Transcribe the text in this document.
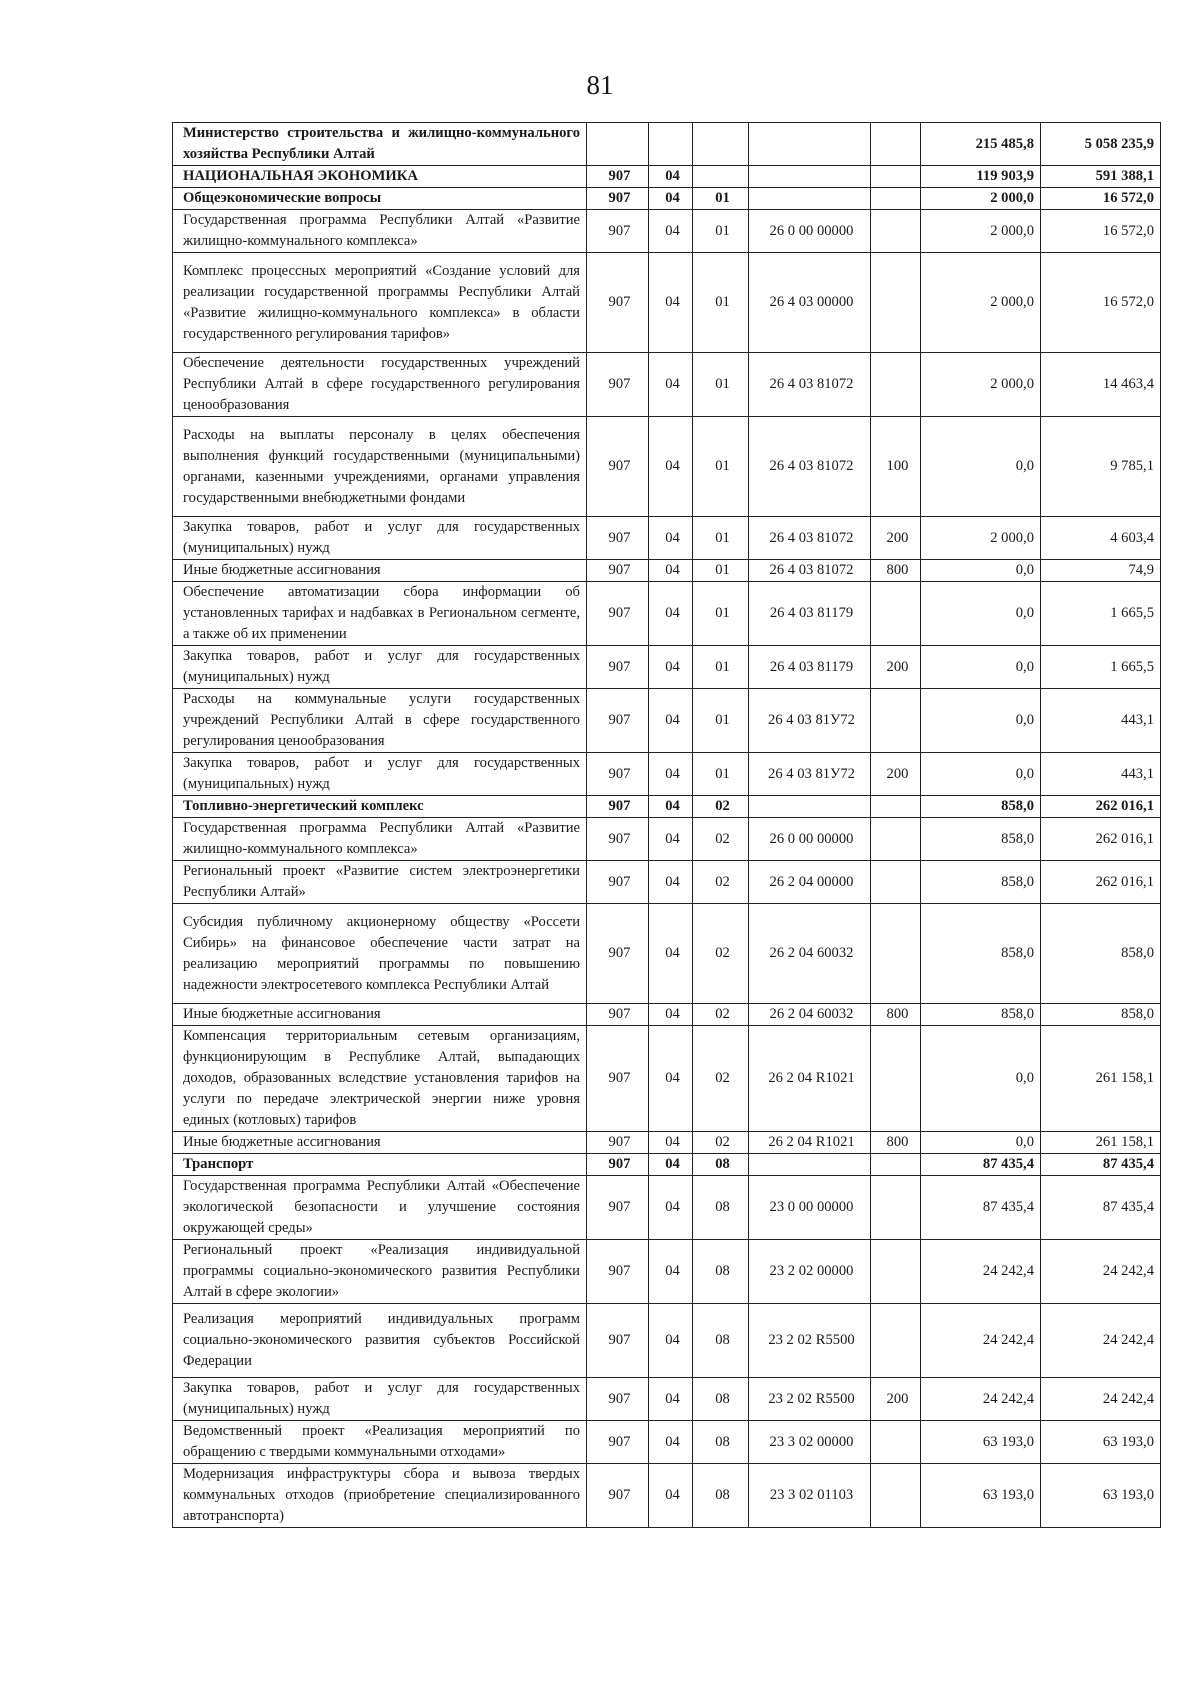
81
Министерство строительства и жилищно-коммунального хозяйства Республики Алтай						215 485,8	5 058 235,9
НАЦИОНАЛЬНАЯ ЭКОНОМИКА	907	04				119 903,9	591 388,1
Общеэкономические вопросы	907	04	01			2 000,0	16 572,0
Государственная программа Республики Алтай «Развитие жилищно-коммунального комплекса»	907	04	01	26 0 00 00000		2 000,0	16 572,0
Комплекс процессных мероприятий «Создание условий для реализации государственной программы Республики Алтай «Развитие жилищно-коммунального комплекса» в области государственного регулирования тарифов»	907	04	01	26 4 03 00000		2 000,0	16 572,0
Обеспечение деятельности государственных учреждений Республики Алтай в сфере государственного регулирования ценообразования	907	04	01	26 4 03 81072		2 000,0	14 463,4
Расходы на выплаты персоналу в целях обеспечения выполнения функций государственными (муниципальными) органами, казенными учреждениями, органами управления государственными внебюджетными фондами	907	04	01	26 4 03 81072	100	0,0	9 785,1
Закупка товаров, работ и услуг для государственных (муниципальных) нужд	907	04	01	26 4 03 81072	200	2 000,0	4 603,4
Иные бюджетные ассигнования	907	04	01	26 4 03 81072	800	0,0	74,9
Обеспечение автоматизации сбора информации об установленных тарифах и надбавках в Региональном сегменте, а также об их применении	907	04	01	26 4 03 81179		0,0	1 665,5
Закупка товаров, работ и услуг для государственных (муниципальных) нужд	907	04	01	26 4 03 81179	200	0,0	1 665,5
Расходы на коммунальные услуги государственных учреждений Республики Алтай в сфере государственного регулирования ценообразования	907	04	01	26 4 03 81У72		0,0	443,1
Закупка товаров, работ и услуг для государственных (муниципальных) нужд	907	04	01	26 4 03 81У72	200	0,0	443,1
Топливно-энергетический комплекс	907	04	02			858,0	262 016,1
Государственная программа Республики Алтай «Развитие жилищно-коммунального комплекса»	907	04	02	26 0 00 00000		858,0	262 016,1
Региональный проект «Развитие систем электроэнергетики Республики Алтай»	907	04	02	26 2 04 00000		858,0	262 016,1
Субсидия публичному акционерному обществу «Россети Сибирь» на финансовое обеспечение части затрат на реализацию мероприятий программы по повышению надежности электросетевого комплекса Республики Алтай	907	04	02	26 2 04 60032		858,0	858,0
Иные бюджетные ассигнования	907	04	02	26 2 04 60032	800	858,0	858,0
Компенсация территориальным сетевым организациям, функционирующим в Республике Алтай, выпадающих доходов, образованных вследствие установления тарифов на услуги по передаче электрической энергии ниже уровня единых (котловых) тарифов	907	04	02	26 2 04 R1021		0,0	261 158,1
Иные бюджетные ассигнования	907	04	02	26 2 04 R1021	800	0,0	261 158,1
Транспорт	907	04	08			87 435,4	87 435,4
Государственная программа Республики Алтай «Обеспечение экологической безопасности и улучшение состояния окружающей среды»	907	04	08	23 0 00 00000		87 435,4	87 435,4
Региональный проект «Реализация индивидуальной программы социально-экономического развития Республики Алтай в сфере экологии»	907	04	08	23 2 02 00000		24 242,4	24 242,4
Реализация мероприятий индивидуальных программ социально-экономического развития субъектов Российской Федерации	907	04	08	23 2 02 R5500		24 242,4	24 242,4
Закупка товаров, работ и услуг для государственных (муниципальных) нужд	907	04	08	23 2 02 R5500	200	24 242,4	24 242,4
Ведомственный проект «Реализация мероприятий по обращению с твердыми коммунальными отходами»	907	04	08	23 3 02 00000		63 193,0	63 193,0
Модернизация инфраструктуры сбора и вывоза твердых коммунальных отходов (приобретение специализированного автотранспорта)	907	04	08	23 3 02 01103		63 193,0	63 193,0
